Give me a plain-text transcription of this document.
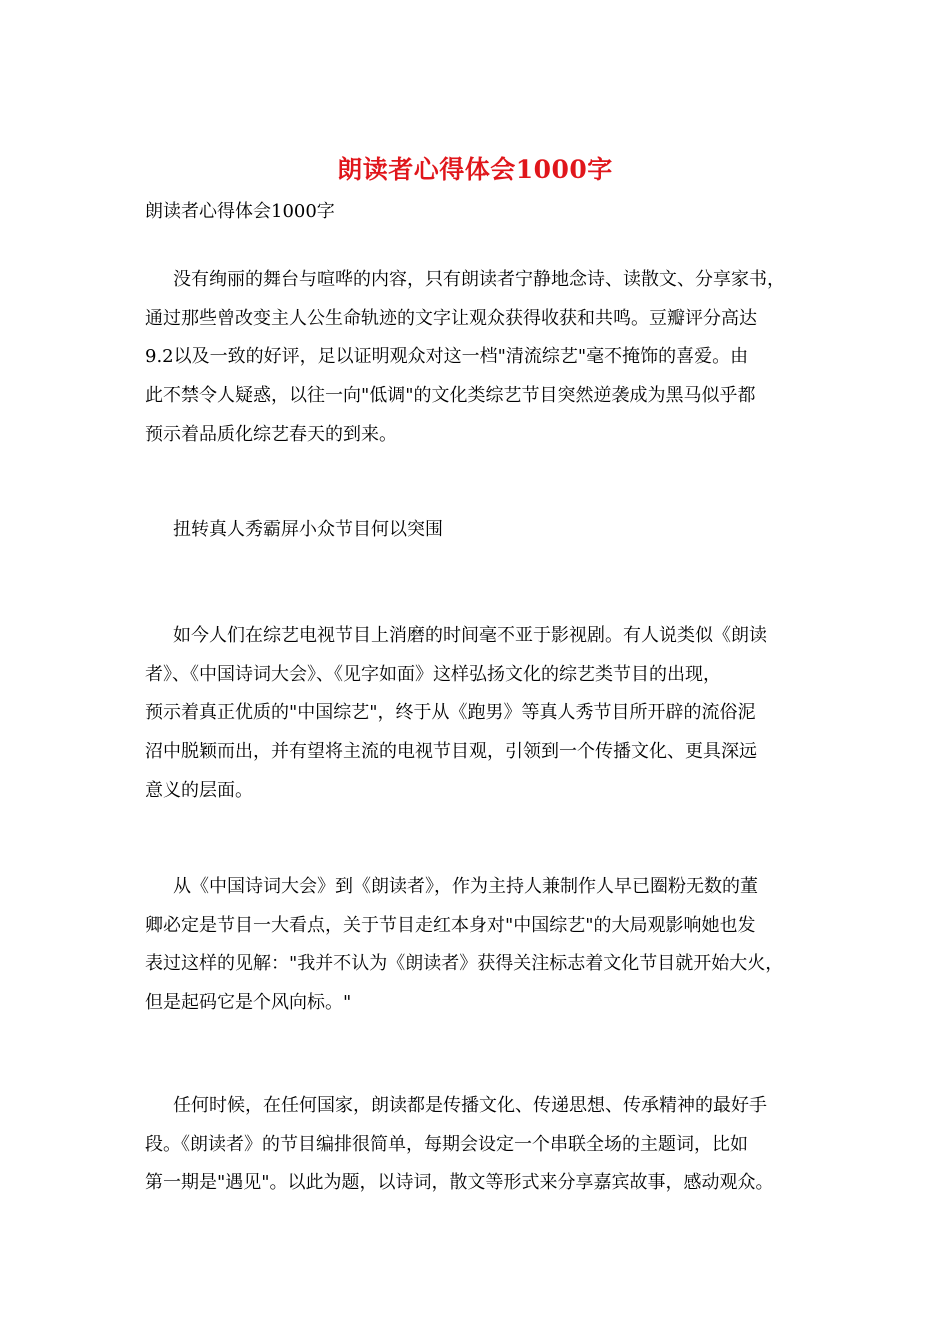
朗读者心得体会1000字
朗读者心得体会1000字
没有绚丽的舞台与喧哗的内容，只有朗读者宁静地念诗、读散文、分享家书，
通过那些曾改变主人公生命轨迹的文字让观众获得收获和共鸣。豆瓣评分高达
9.2以及一致的好评，足以证明观众对这一档"清流综艺"毫不掩饰的喜爱。由
此不禁令人疑惑，以往一向"低调"的文化类综艺节目突然逆袭成为黑马似乎都
预示着品质化综艺春天的到来。
扭转真人秀霸屏小众节目何以突围
如今人们在综艺电视节目上消磨的时间毫不亚于影视剧。有人说类似《朗读
者》、《中国诗词大会》、《见字如面》这样弘扬文化的综艺类节目的出现，
预示着真正优质的"中国综艺"，终于从《跑男》等真人秀节目所开辟的流俗泥
沼中脱颖而出，并有望将主流的电视节目观，引领到一个传播文化、更具深远
意义的层面。
从《中国诗词大会》到《朗读者》，作为主持人兼制作人早已圈粉无数的董
卿必定是节目一大看点，关于节目走红本身对"中国综艺"的大局观影响她也发
表过这样的见解："我并不认为《朗读者》获得关注标志着文化节目就开始大火，
但是起码它是个风向标。"
任何时候，在任何国家，朗读都是传播文化、传递思想、传承精神的最好手
段。《朗读者》的节目编排很简单，每期会设定一个串联全场的主题词，比如
第一期是"遇见"。以此为题，以诗词，散文等形式来分享嘉宾故事，感动观众。
